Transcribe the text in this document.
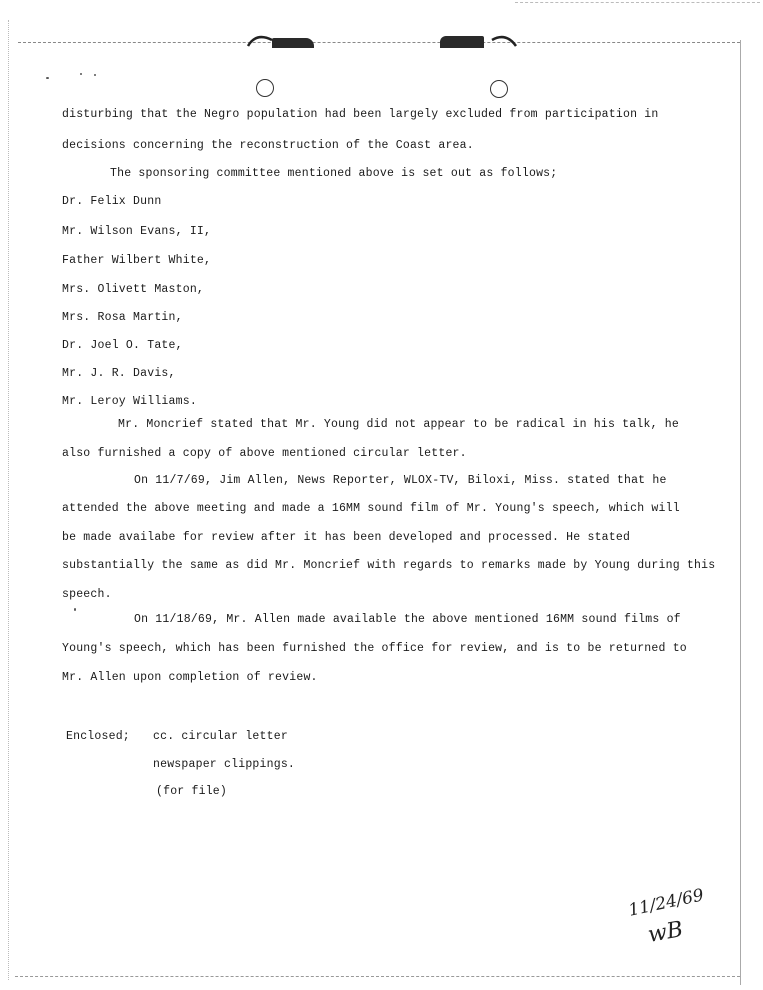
disturbing that the Negro population had been largely excluded from participation in
decisions concerning the reconstruction of the Coast area.
The sponsoring committee mentioned above is set out as follows;
Dr. Felix Dunn
Mr. Wilson Evans, II,
Father Wilbert White,
Mrs. Olivett Maston,
Mrs. Rosa Martin,
Dr. Joel O. Tate,
Mr. J. R. Davis,
Mr. Leroy Williams.
Mr. Moncrief stated that Mr. Young did not appear to be radical in his talk, he
also furnished a copy of above mentioned circular letter.
On 11/7/69, Jim Allen, News Reporter, WLOX-TV, Biloxi, Miss. stated that he
attended the above meeting and made a 16MM sound film of Mr. Young's speech, which will
be made availabe for review after it has been developed and processed. He stated
substantially the same as did Mr. Moncrief with regards to remarks made by Young during this
speech.
On 11/18/69, Mr. Allen made available the above mentioned 16MM sound films of
Young's speech, which has been furnished the office for review, and is to be returned to
Mr. Allen upon completion of review.
Enclosed; cc. circular letter
newspaper clippings.
(for file)
11/24/69
wB
